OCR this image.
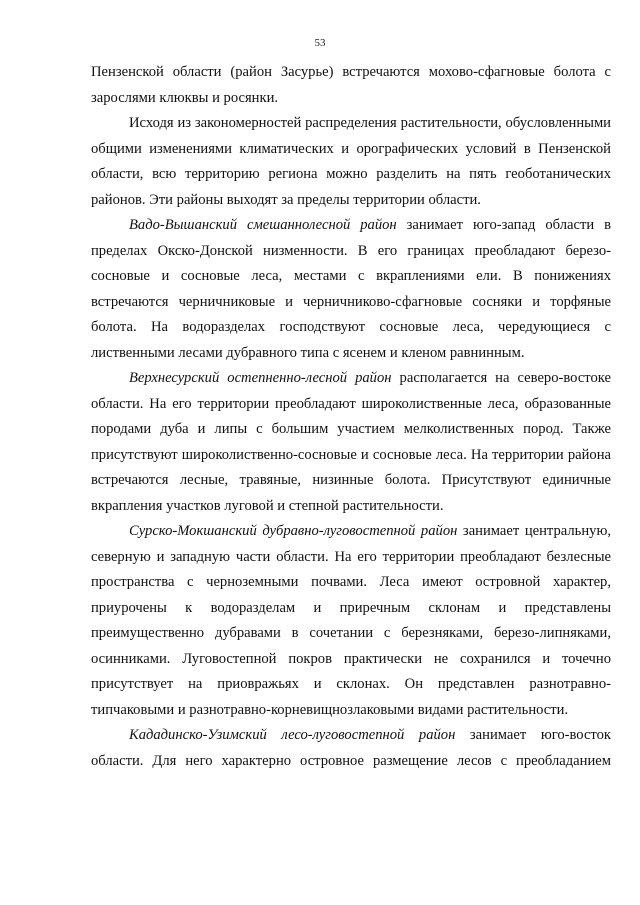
53

Пензенской области (район Засурье) встречаются мохово-сфагновые болота с зарослями клюквы и росянки.

Исходя из закономерностей распределения растительности, обусловленными общими изменениями климатических и орографических условий в Пензенской области, всю территорию региона можно разделить на пять геоботанических районов. Эти районы выходят за пределы территории области.

Вадо-Вышанский смешаннолесной район занимает юго-запад области в пределах Окско-Донской низменности. В его границах преобладают березо-сосновые и сосновые леса, местами с вкраплениями ели. В понижениях встречаются черничниковые и черничниково-сфагновые сосняки и торфяные болота. На водоразделах господствуют сосновые леса, чередующиеся с лиственными лесами дубравного типа с ясенем и кленом равнинным.

Верхнесурский остепненно-лесной район располагается на северо-востоке области. На его территории преобладают широколиственные леса, образованные породами дуба и липы с большим участием мелколиственных пород. Также присутствуют широколиственно-сосновые и сосновые леса. На территории района встречаются лесные, травяные, низинные болота. Присутствуют единичные вкрапления участков луговой и степной растительности.

Сурско-Мокшанский дубравно-луговостепной район занимает центральную, северную и западную части области. На его территории преобладают безлесные пространства с черноземными почвами. Леса имеют островной характер, приурочены к водоразделам и приречным склонам и представлены преимущественно дубравами в сочетании с березняками, березо-липняками, осинниками. Луговостепной покров практически не сохранился и точечно присутствует на приовражьях и склонах. Он представлен разнотравно-типчаковыми и разнотравно-корневищнозлаковыми видами растительности.

Кададинско-Узимский лесо-луговостепной район занимает юго-восток области. Для него характерно островное размещение лесов с преобладанием
